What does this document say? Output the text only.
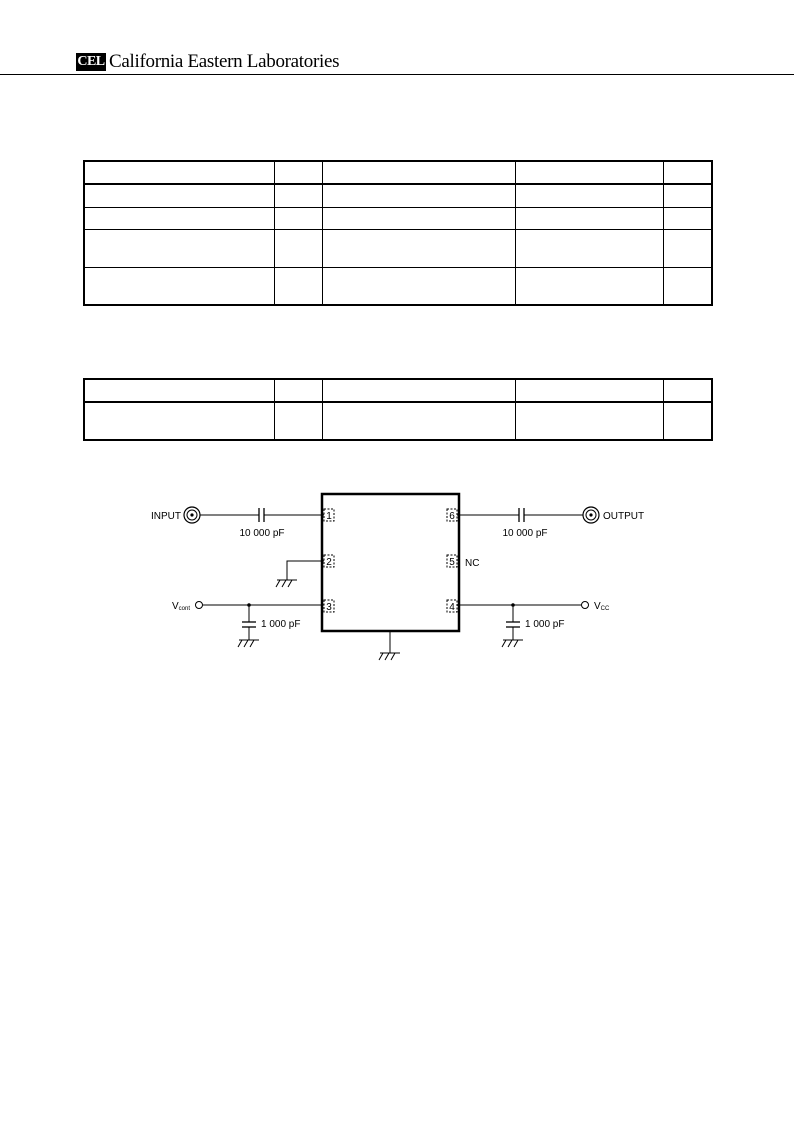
CEL California Eastern Laboratories

1
2
3	4
5
6
INPUT
10 000 pF
Vcont
1 000 pF
10 000 pF
OUTPUT
NC
VCC
1 000 pF
